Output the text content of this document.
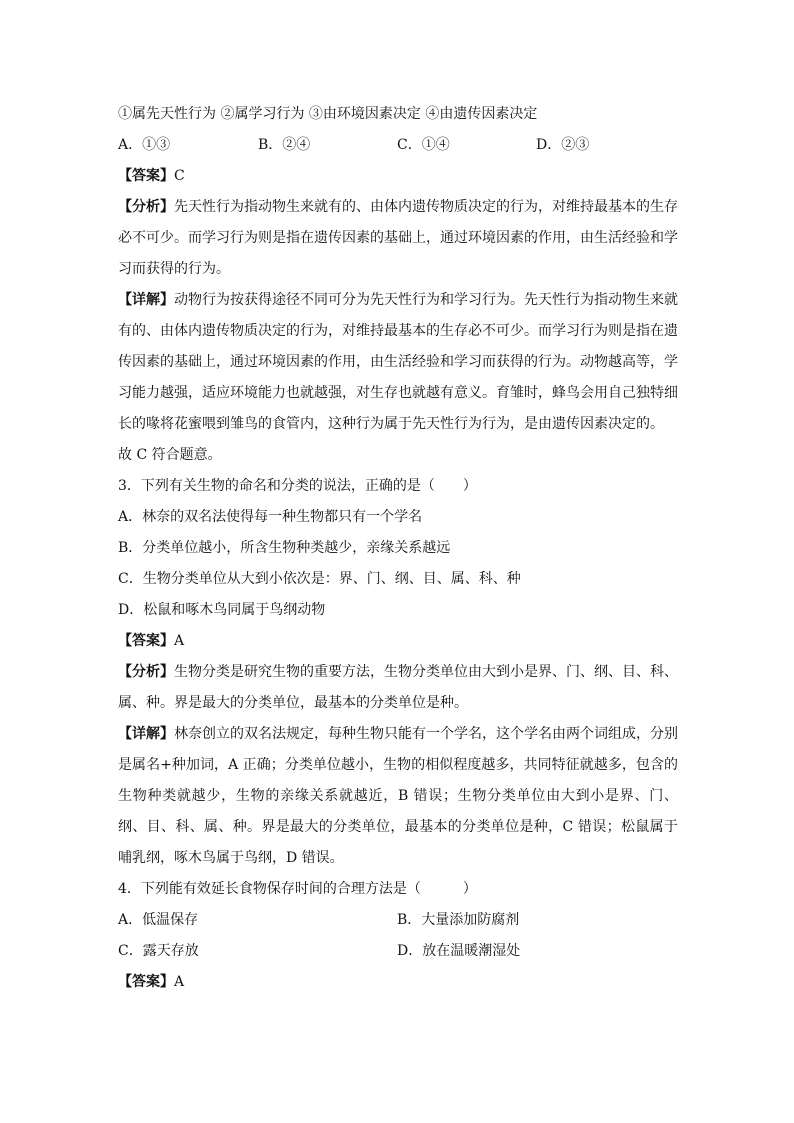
①属先天性行为 ②属学习行为 ③由环境因素决定 ④由遗传因素决定
A．①③	B．②④	C．①④	D．②③
【答案】C
【分析】先天性行为指动物生来就有的、由体内遗传物质决定的行为，对维持最基本的生存必不可少。而学习行为则是指在遗传因素的基础上，通过环境因素的作用，由生活经验和学习而获得的行为。
【详解】动物行为按获得途径不同可分为先天性行为和学习行为。先天性行为指动物生来就有的、由体内遗传物质决定的行为，对维持最基本的生存必不可少。而学习行为则是指在遗传因素的基础上，通过环境因素的作用，由生活经验和学习而获得的行为。动物越高等，学习能力越强，适应环境能力也就越强，对生存也就越有意义。育雏时，蜂鸟会用自己独特细长的喙将花蜜喂到雏鸟的食管内，这种行为属于先天性行为行为，是由遗传因素决定的。
故 C 符合题意。
3．下列有关生物的命名和分类的说法，正确的是（　　）
A．林奈的双名法使得每一种生物都只有一个学名
B．分类单位越小，所含生物种类越少，亲缘关系越远
C．生物分类单位从大到小依次是：界、门、纲、目、属、科、种
D．松鼠和啄木鸟同属于鸟纲动物
【答案】A
【分析】生物分类是研究生物的重要方法，生物分类单位由大到小是界、门、纲、目、科、属、种。界是最大的分类单位，最基本的分类单位是种。
【详解】林奈创立的双名法规定，每种生物只能有一个学名，这个学名由两个词组成，分别是属名+种加词，A 正确；分类单位越小，生物的相似程度越多，共同特征就越多，包含的生物种类就越少，生物的亲缘关系就越近，B 错误；生物分类单位由大到小是界、门、纲、目、科、属、种。界是最大的分类单位，最基本的分类单位是种，C 错误；松鼠属于哺乳纲，啄木鸟属于鸟纲，D 错误。
4．下列能有效延长食物保存时间的合理方法是（　　　）
A．低温保存	B．大量添加防腐剂
C．露天存放	D．放在温暖潮湿处
【答案】A
